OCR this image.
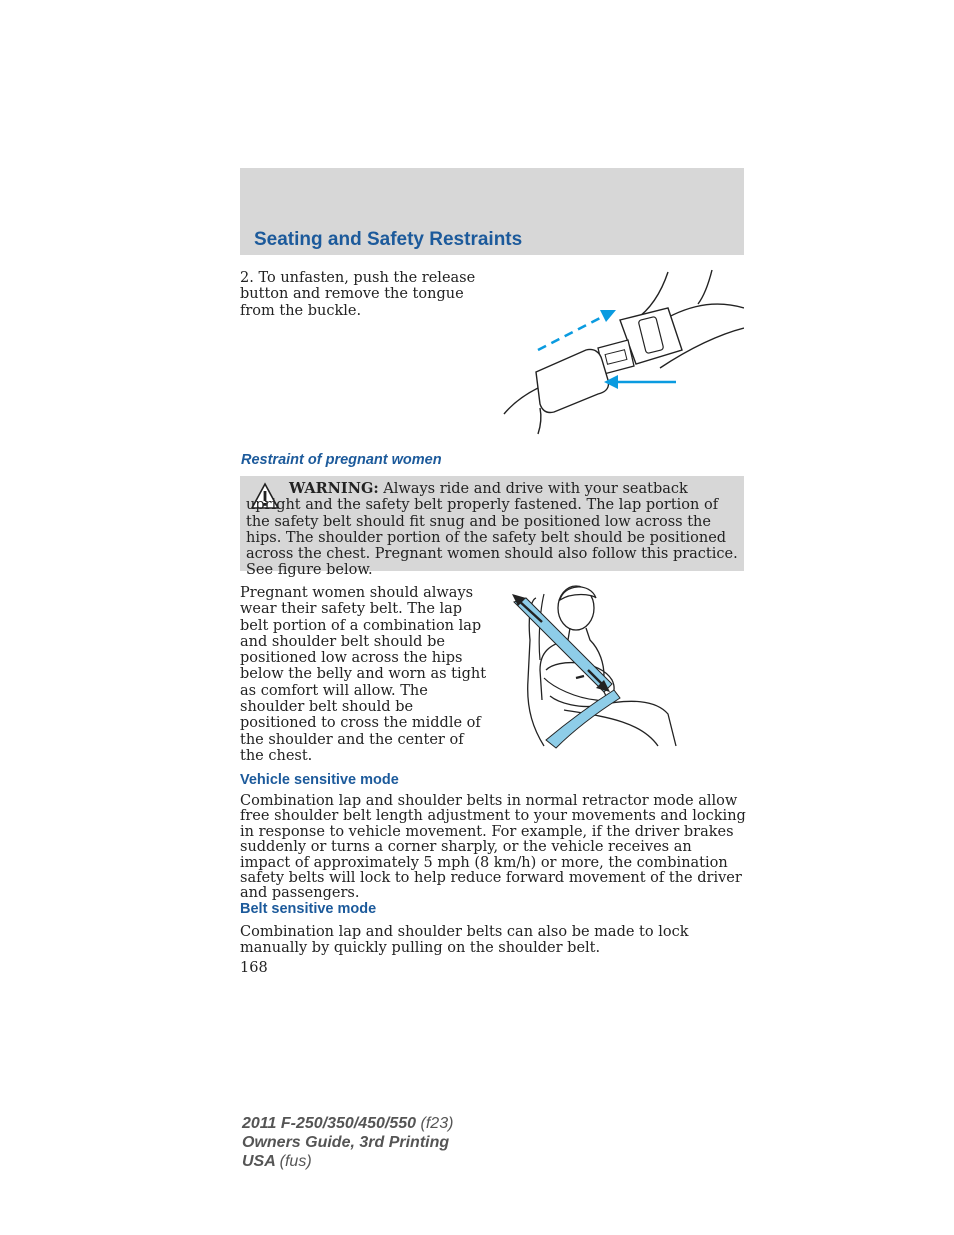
Seating and Safety Restraints

2. To unfasten, push the release button and remove the tongue from the buckle.

Restraint of pregnant women

WARNING: Always ride and drive with your seatback upright and the safety belt properly fastened. The lap portion of the safety belt should fit snug and be positioned low across the hips. The shoulder portion of the safety belt should be positioned across the chest. Pregnant women should also follow this practice. See figure below.

Pregnant women should always wear their safety belt. The lap belt portion of a combination lap and shoulder belt should be positioned low across the hips below the belly and worn as tight as comfort will allow. The shoulder belt should be positioned to cross the middle of the shoulder and the center of the chest.

Vehicle sensitive mode

Combination lap and shoulder belts in normal retractor mode allow free shoulder belt length adjustment to your movements and locking in response to vehicle movement. For example, if the driver brakes suddenly or turns a corner sharply, or the vehicle receives an impact of approximately 5 mph (8 km/h) or more, the combination safety belts will lock to help reduce forward movement of the driver and passengers.

Belt sensitive mode

Combination lap and shoulder belts can also be made to lock manually by quickly pulling on the shoulder belt.

168

2011 F-250/350/450/550 (f23)
Owners Guide, 3rd Printing
USA (fus)
